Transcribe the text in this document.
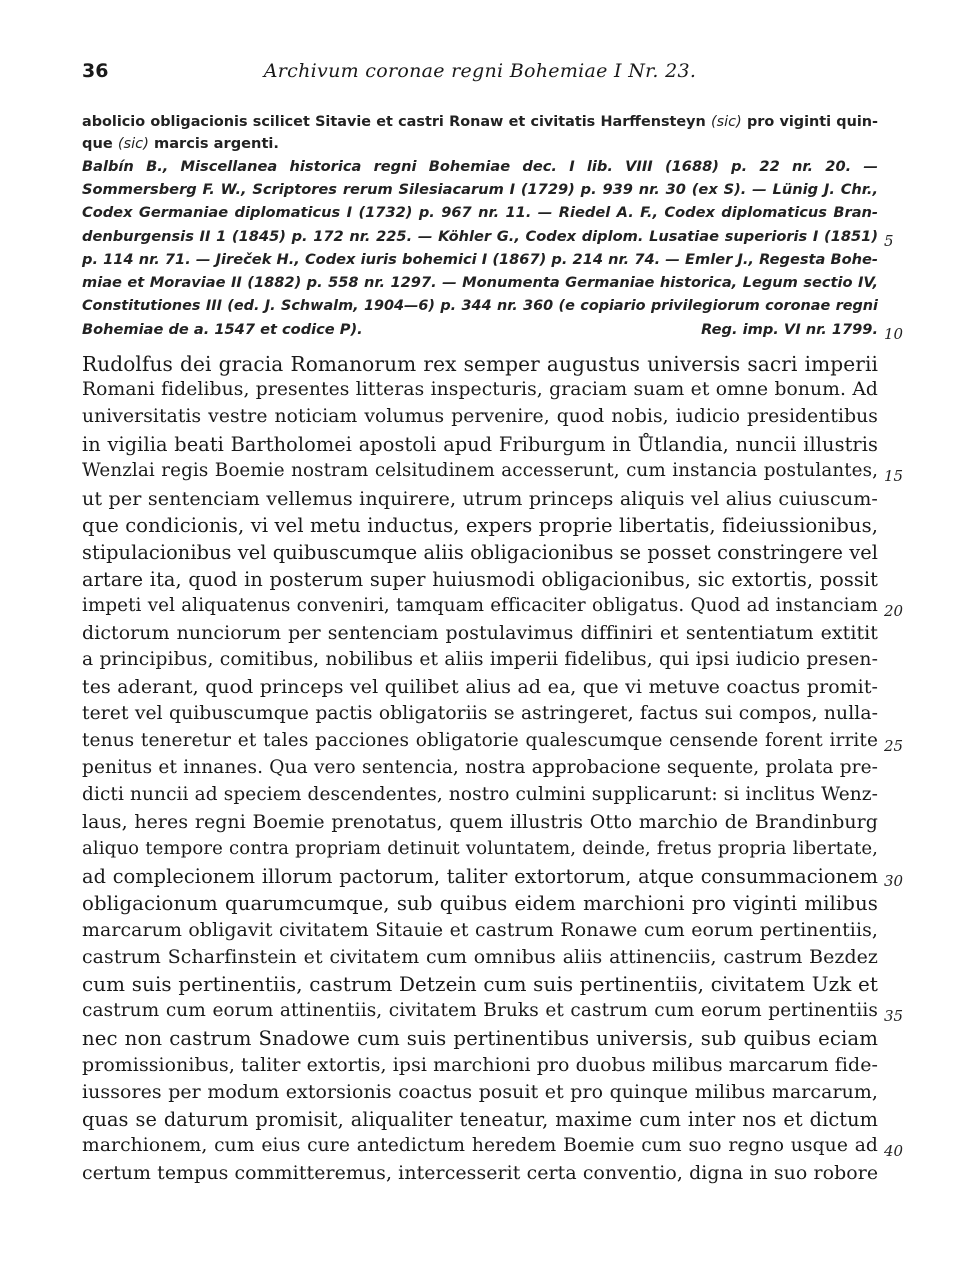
36	Archivum coronae regni Bohemiae I Nr. 23.
abolicio obligacionis scilicet Sitavie et castri Ronaw et civitatis Harffensteyn (sic) pro viginti quin-
que (sic) marcis argenti.
Balbín B., Miscellanea historica regni Bohemiae dec. I lib. VIII (1688) p. 22 nr. 20. —
Sommersberg F. W., Scriptores rerum Silesiacarum I (1729) p. 939 nr. 30 (ex S). — Lünig J. Chr.,
Codex Germaniae diplomaticus I (1732) p. 967 nr. 11. — Riedel A. F., Codex diplomaticus Bran-
denburgensis II 1 (1845) p. 172 nr. 225. — Köhler G., Codex diplom. Lusatiae superioris I (1851)
p. 114 nr. 71. — Jireček H., Codex iuris bohemici I (1867) p. 214 nr. 74. — Emler J., Regesta Bohe-
miae et Moraviae II (1882) p. 558 nr. 1297. — Monumenta Germaniae historica, Legum sectio IV,
Constitutiones III (ed. J. Schwalm, 1904—6) p. 344 nr. 360 (e copiario privilegiorum coronae regni
Bohemiae de a. 1547 et codice P).	Reg. imp. VI nr. 1799.
Rudolfus dei gracia Romanorum rex semper augustus universis sacri imperii
Romani fidelibus, presentes litteras inspecturis, graciam suam et omne bonum. Ad
universitatis vestre noticiam volumus pervenire, quod nobis, iudicio presidentibus
in vigilia beati Bartholomei apostoli apud Friburgum in Ůtlandia, nuncii illustris
Wenzlai regis Boemie nostram celsitudinem accesserunt, cum instancia postulantes,
ut per sentenciam vellemus inquirere, utrum princeps aliquis vel alius cuiuscum-
que condicionis, vi vel metu inductus, expers proprie libertatis, fideiussionibus,
stipulacionibus vel quibuscumque aliis obligacionibus se posset constringere vel
artare ita, quod in posterum super huiusmodi obligacionibus, sic extortis, possit
impeti vel aliquatenus conveniri, tamquam efficaciter obligatus. Quod ad instanciam
dictorum nunciorum per sentenciam postulavimus diffiniri et sententiatum extitit
a principibus, comitibus, nobilibus et aliis imperii fidelibus, qui ipsi iudicio presen-
tes aderant, quod princeps vel quilibet alius ad ea, que vi metuve coactus promit-
teret vel quibuscumque pactis obligatoriis se astringeret, factus sui compos, nulla-
tenus teneretur et tales pacciones obligatorie qualescumque censende forent irrite
penitus et innanes. Qua vero sentencia, nostra approbacione sequente, prolata pre-
dicti nuncii ad speciem descendentes, nostro culmini supplicarunt: si inclitus Wenz-
laus, heres regni Boemie prenotatus, quem illustris Otto marchio de Brandinburg
aliquo tempore contra propriam detinuit voluntatem, deinde, fretus propria libertate,
ad complecionem illorum pactorum, taliter extortorum, atque consummacionem
obligacionum quarumcumque, sub quibus eidem marchioni pro viginti milibus
marcarum obligavit civitatem Sitauie et castrum Ronawe cum eorum pertinentiis,
castrum Scharfinstein et civitatem cum omnibus aliis attinenciis, castrum Bezdez
cum suis pertinentiis, castrum Detzein cum suis pertinentiis, civitatem Uzk et
castrum cum eorum attinentiis, civitatem Bruks et castrum cum eorum pertinentiis
nec non castrum Snadowe cum suis pertinentibus universis, sub quibus eciam
promissionibus, taliter extortis, ipsi marchioni pro duobus milibus marcarum fide-
iussores per modum extorsionis coactus posuit et pro quinque milibus marcarum,
quas se daturum promisit, aliqualiter teneatur, maxime cum inter nos et dictum
marchionem, cum eius cure antedictum heredem Boemie cum suo regno usque ad
certum tempus committeremus, intercesserit certa conventio, digna in suo robore
5
10
15
20
25
30
35
40
